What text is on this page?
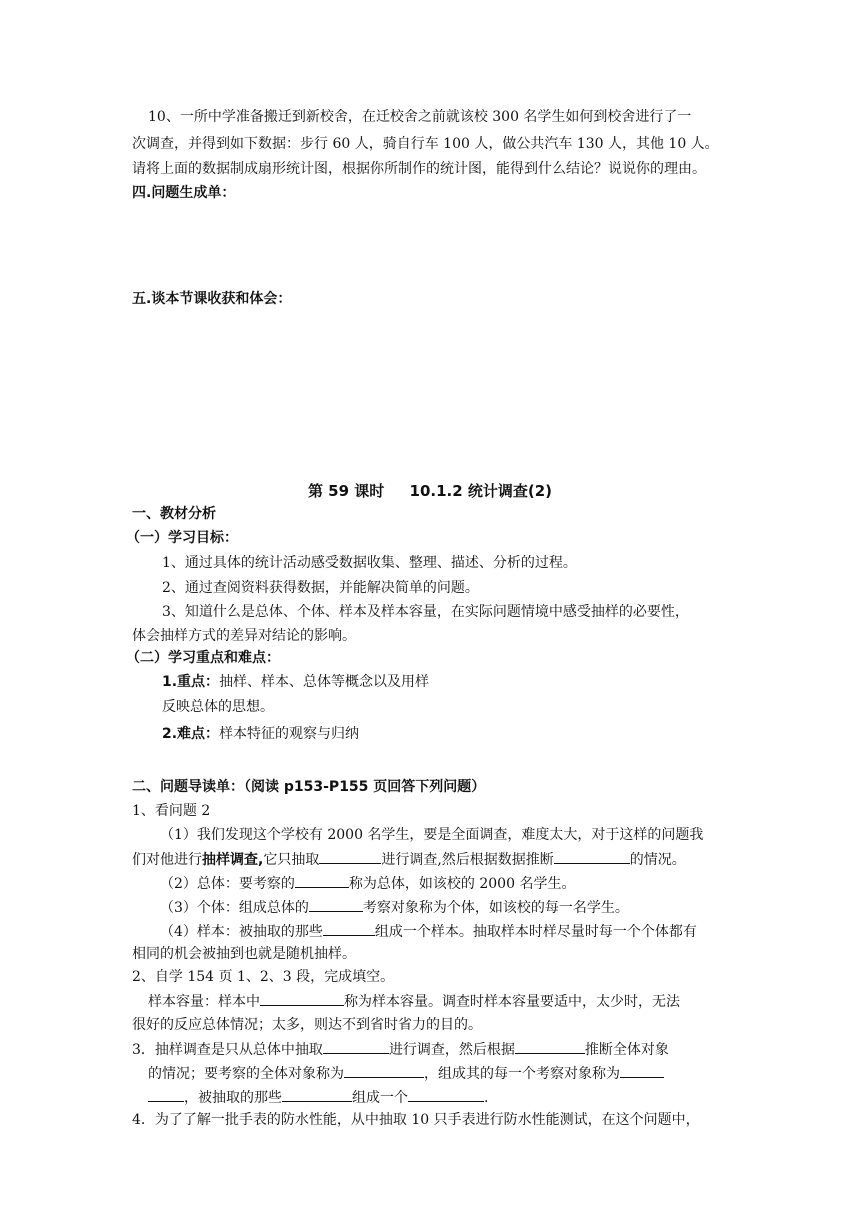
10、一所中学准备搬迁到新校舍，在迁校舍之前就该校 300 名学生如何到校舍进行了一
次调查，并得到如下数据：步行 60 人，骑自行车 100 人，做公共汽车 130 人，其他 10 人。
请将上面的数据制成扇形统计图，根据你所制作的统计图，能得到什么结论？说说你的理由。
四.问题生成单：
五.谈本节课收获和体会：
第 59 课时 10.1.2 统计调查(2)
一、教材分析
（一）学习目标：
1、通过具体的统计活动感受数据收集、整理、描述、分析的过程。
2、通过查阅资料获得数据，并能解决简单的问题。
3、知道什么是总体、个体、样本及样本容量，在实际问题情境中感受抽样的必要性，
体会抽样方式的差异对结论的影响。
（二）学习重点和难点：
1.重点：抽样、样本、总体等概念以及用样
反映总体的思想。
2.难点：样本特征的观察与归纳
二、问题导读单：（阅读 p153-P155 页回答下列问题）
1、看问题 2
（1）我们发现这个学校有 2000 名学生，要是全面调查，难度太大，对于这样的问题我
们对他进行抽样调查,它只抽取	进行调查,然后根据数据推断	的情况。
（2）总体：要考察的	称为总体，如该校的 2000 名学生。
（3）个体：组成总体的	考察对象称为个体，如该校的每一名学生。
（4）样本：被抽取的那些	组成一个样本。抽取样本时样尽量时每一个个体都有
相同的机会被抽到也就是随机抽样。
2、自学 154 页 1、2、3 段，完成填空。
样本容量：样本中	称为样本容量。调查时样本容量要适中，太少时，无法
很好的反应总体情况；太多，则达不到省时省力的目的。
3．抽样调查是只从总体中抽取	进行调查，然后根据	推断全体对象
的情况；要考察的全体对象称为	，组成其的每一个考察对象称为
，被抽取的那些	组成一个	.
4．为了了解一批手表的防水性能，从中抽取 10 只手表进行防水性能测试，在这个问题中，
